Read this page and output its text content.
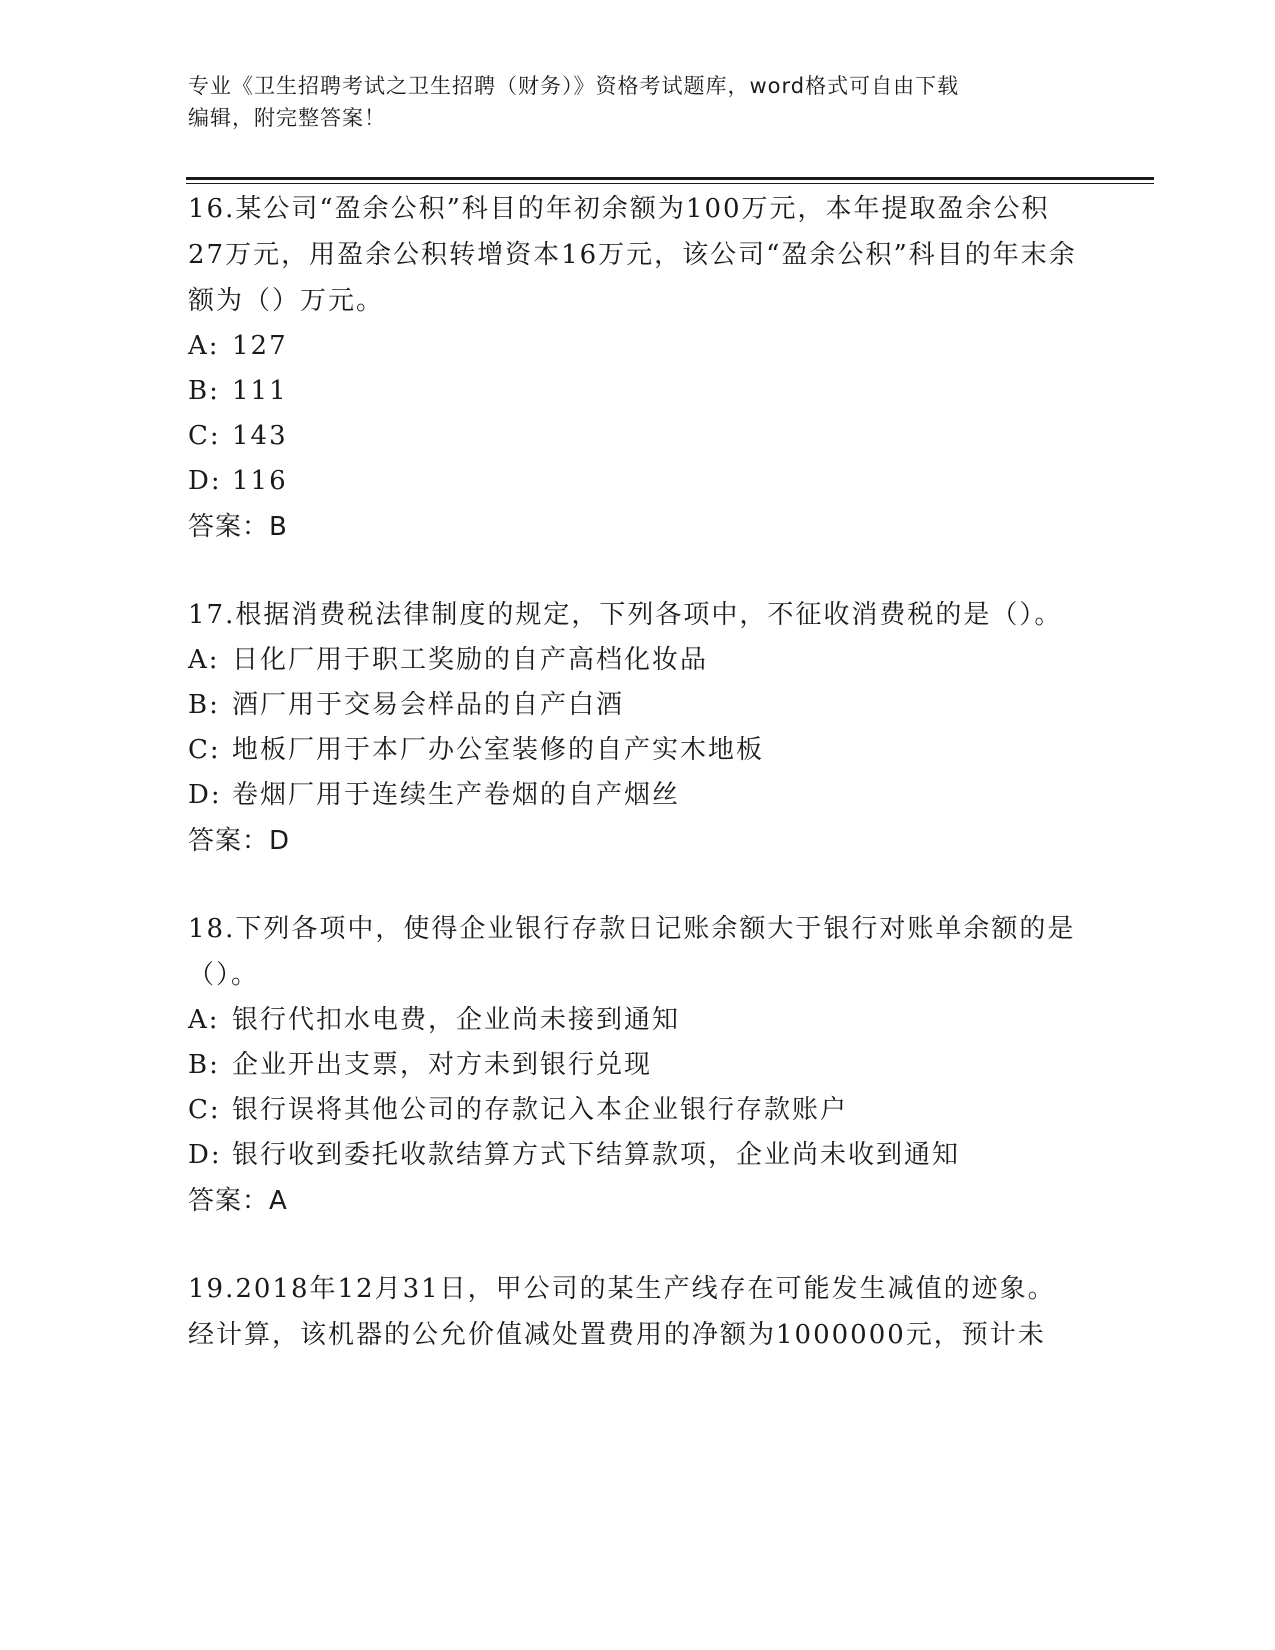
专业《卫生招聘考试之卫生招聘（财务）》资格考试题库，word格式可自由下载
编辑，附完整答案！

16.某公司“盈余公积”科目的年初余额为100万元，本年提取盈余公积27万元，用盈余公积转增资本16万元，该公司“盈余公积”科目的年末余额为（）万元。

A: 127

B: 111

C: 143

D: 116

答案：B

17.根据消费税法律制度的规定，下列各项中，不征收消费税的是（）。

A: 日化厂用于职工奖励的自产高档化妆品

B: 酒厂用于交易会样品的自产白酒

C: 地板厂用于本厂办公室装修的自产实木地板

D: 卷烟厂用于连续生产卷烟的自产烟丝

答案：D

18.下列各项中，使得企业银行存款日记账余额大于银行对账单余额的是（）。

A: 银行代扣水电费，企业尚未接到通知

B: 企业开出支票，对方未到银行兑现

C: 银行误将其他公司的存款记入本企业银行存款账户

D: 银行收到委托收款结算方式下结算款项，企业尚未收到通知

答案：A

19.2018年12月31日，甲公司的某生产线存在可能发生减值的迹象。经计算，该机器的公允价值减处置费用的净额为1000000元，预计未
